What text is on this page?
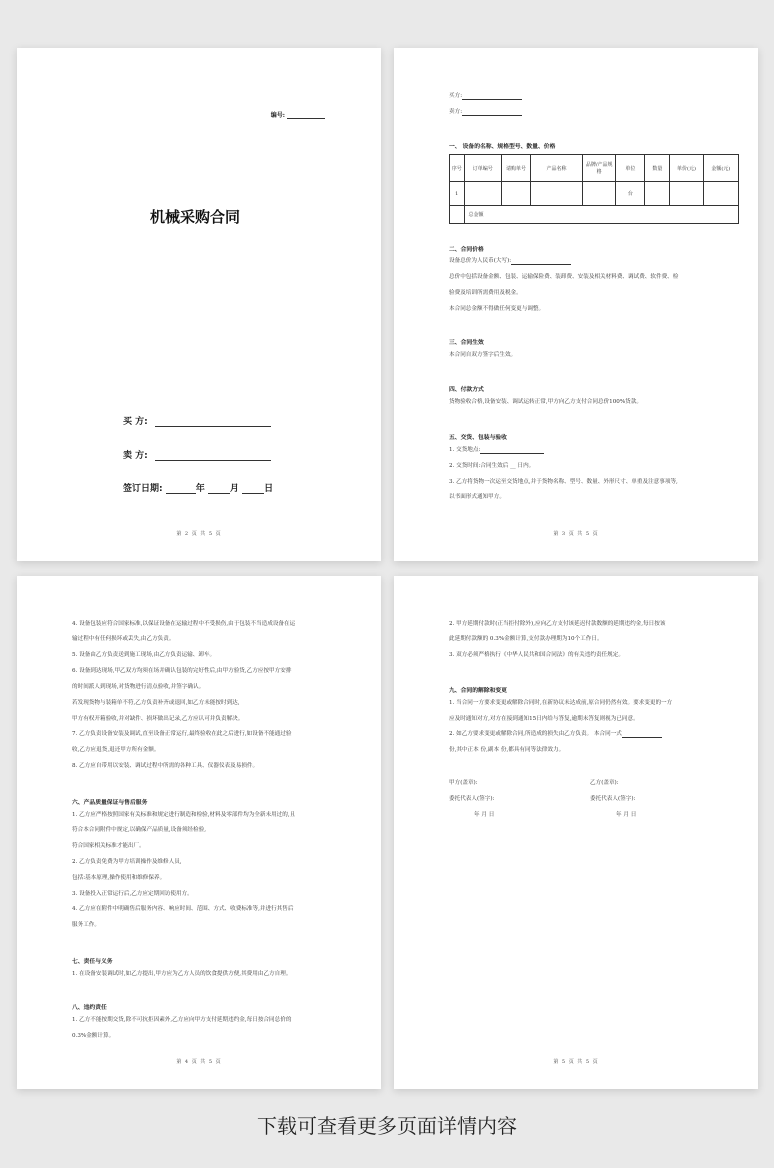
编号:
机械采购合同
买 方:
卖 方:
签订日期:	年	月	日
第 2 页 共 5 页
买方:
卖方:
一、 设备的名称、规格型号、数量、价格
序号	订单编号	请购单号	产品名称	品牌/产品规格	单位	数量	单价(元)	金额(元)
1					台			
	总金额							
二、合同价格
设备总价为人民币(大写):
总价中包括设备金额、包装、运输保险费、装卸费、安装及相关材料费、调试费、软件费、检
验费及培训所需费用及税金。
本合同总金额不得做任何变更与调整。
三、合同生效
本合同自双方签字后生效。
四、付款方式
货物验收合格,设备安装、调试运转正常,甲方向乙方支付合同总价100%货款。
五、交货、包装与验收
1. 交货地点:
2. 交货时间:合同生效后 __ 日内。
3. 乙方将货物一次运至交货地点,并于货物名称、型号、数量、外形尺寸、单重及注意事项等,
以书面形式通知甲方。
第 3 页 共 5 页
4. 设备包装应符合国家标准,以保证设备在运输过程中不受损伤,由于包装不当造成设备在运
输过程中有任何损坏或丢失,由乙方负责。
5. 设备由乙方负责送到施工现场,由乙方负责运输、卸车。
6. 设备到达现场,甲乙双方均须在场并确认包装的完好性后,由甲方验货,乙方应按甲方安排
的时间派人到现场,对货物进行清点验收,并签字确认。
若发现货物与装箱单不符,乙方负责补齐或退回,如乙方未能按时到达,
甲方有权开箱验收,并对缺件、损坏做出记录,乙方应认可并负责解决。
7. 乙方负责设备安装及调试,直至设备正常运行,最终验收在此之后进行,如设备不能通过验
收,乙方应退货,退还甲方所有金额。
8. 乙方应自带用以安装、调试过程中所需的各种工具、仪器仪表及易损件。
六、产品质量保证与售后服务
1. 乙方应严格按照国家有关标准和规定进行制造和检验,材料及零部件均为全新未用过的,且
符合本合同附件中规定,以确保产品质量,设备须经检验,
符合国家相关标准才能出厂。
2. 乙方负责免费为甲方培训操作及维修人员,
包括:基本原理,操作使用和维修保养。
3. 设备投入正常运行后,乙方应定期回访使用方。
4. 乙方应在附件中明确售后服务内容、响应时间、范围、方式、收费标准等,并进行其售后
服务工作。
七、责任与义务
1. 在设备安装调试时,如乙方提出,甲方应为乙方人员的饮食提供方便,其费用由乙方自理。
八、违约责任
1. 乙方不能按期交货,除不可抗拒因素外,乙方应向甲方支付延期违约金,每日按合同总价的
0.3%金额计算。
第 4 页 共 5 页
2. 甲方延期付款时(正当拒付除外),应向乙方支付该延迟付款数额的延期违约金,每日按该
此延期付款额的 0.3%金额计算,支付款办理期为10个工作日。
3. 双方必须严格执行《中华人民共和国合同法》的有关违约责任规定。
九、合同的解除和变更
1. 当合同一方要求变更或解除合同时,在新协议未达成前,原合同仍然有效。要求变更的一方
应及时通知对方,对方在接到通知15日内给与答复,逾期未答复则视为已同意。
2. 如乙方要求变更或解除合同,所造成的损失由乙方负责。 本合同一式
份,其中正本 份,副本 份,都具有同等法律效力。
甲方(盖章):	乙方(盖章):
委托代表人(签字):	委托代表人(签字):
年 月 日	年 月 日
第 5 页 共 5 页
下载可查看更多页面详情内容
